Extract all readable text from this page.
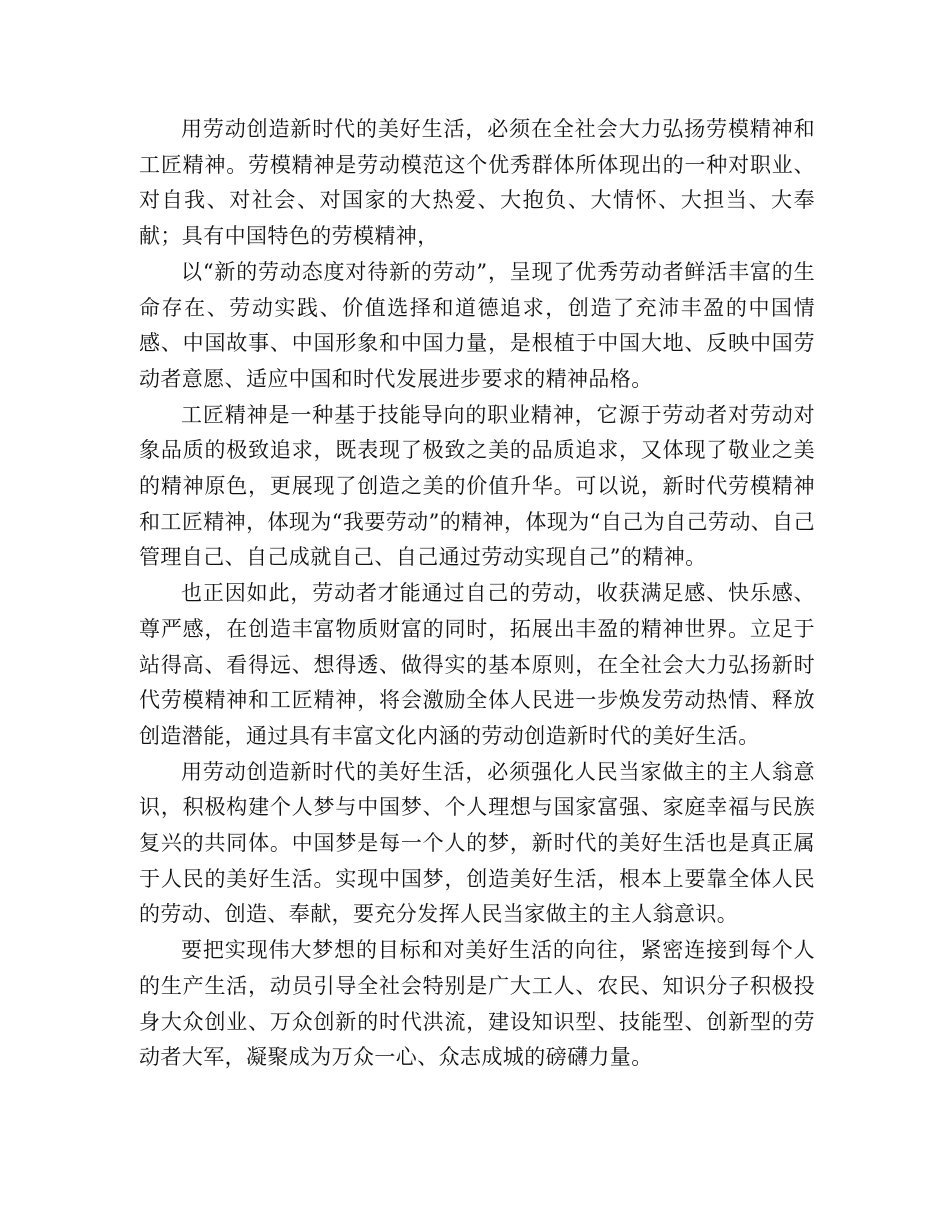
用劳动创造新时代的美好生活，必须在全社会大力弘扬劳模精神和工匠精神。劳模精神是劳动模范这个优秀群体所体现出的一种对职业、对自我、对社会、对国家的大热爱、大抱负、大情怀、大担当、大奉献；具有中国特色的劳模精神，

以“新的劳动态度对待新的劳动”，呈现了优秀劳动者鲜活丰富的生命存在、劳动实践、价值选择和道德追求，创造了充沛丰盈的中国情感、中国故事、中国形象和中国力量，是根植于中国大地、反映中国劳动者意愿、适应中国和时代发展进步要求的精神品格。

工匠精神是一种基于技能导向的职业精神，它源于劳动者对劳动对象品质的极致追求，既表现了极致之美的品质追求，又体现了敬业之美的精神原色，更展现了创造之美的价值升华。可以说，新时代劳模精神和工匠精神，体现为“我要劳动”的精神，体现为“自己为自己劳动、自己管理自己、自己成就自己、自己通过劳动实现自己”的精神。

也正因如此，劳动者才能通过自己的劳动，收获满足感、快乐感、尊严感，在创造丰富物质财富的同时，拓展出丰盈的精神世界。立足于站得高、看得远、想得透、做得实的基本原则，在全社会大力弘扬新时代劳模精神和工匠精神，将会激励全体人民进一步焕发劳动热情、释放创造潜能，通过具有丰富文化内涵的劳动创造新时代的美好生活。

用劳动创造新时代的美好生活，必须强化人民当家做主的主人翁意识，积极构建个人梦与中国梦、个人理想与国家富强、家庭幸福与民族复兴的共同体。中国梦是每一个人的梦，新时代的美好生活也是真正属于人民的美好生活。实现中国梦，创造美好生活，根本上要靠全体人民的劳动、创造、奉献，要充分发挥人民当家做主的主人翁意识。

要把实现伟大梦想的目标和对美好生活的向往，紧密连接到每个人的生产生活，动员引导全社会特别是广大工人、农民、知识分子积极投身大众创业、万众创新的时代洪流，建设知识型、技能型、创新型的劳动者大军，凝聚成为万众一心、众志成城的磅礴力量。
